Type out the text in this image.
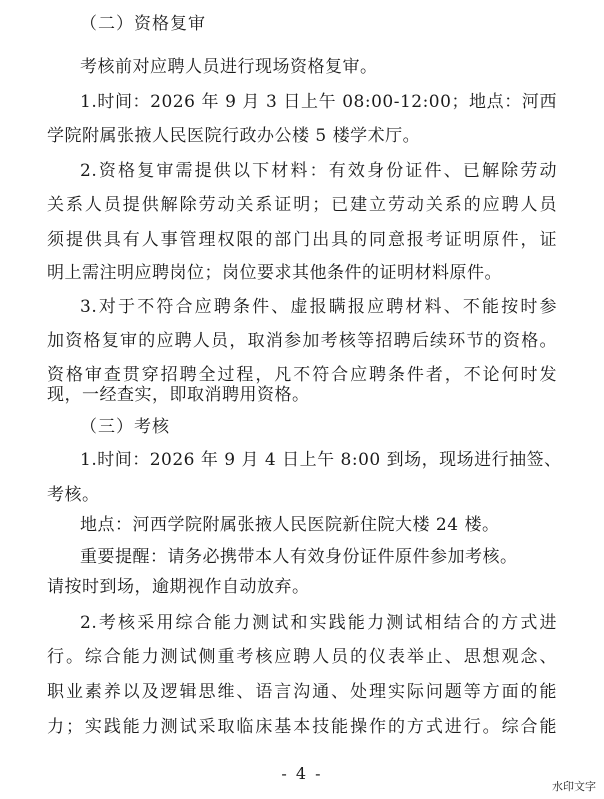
（二）资格复审
考核前对应聘人员进行现场资格复审。
1.时间：2026 年 9 月 3 日上午 08:00-12:00；地点：河西
学院附属张掖人民医院行政办公楼 5 楼学术厅。
2.资格复审需提供以下材料：有效身份证件、已解除劳动
关系人员提供解除劳动关系证明；已建立劳动关系的应聘人员
须提供具有人事管理权限的部门出具的同意报考证明原件，证
明上需注明应聘岗位；岗位要求其他条件的证明材料原件。
3.对于不符合应聘条件、虚报瞒报应聘材料、不能按时参
加资格复审的应聘人员，取消参加考核等招聘后续环节的资格。
资格审查贯穿招聘全过程，凡不符合应聘条件者，不论何时发
现，一经查实，即取消聘用资格。
（三）考核
1.时间：2026 年 9 月 4 日上午 8:00 到场，现场进行抽签、
考核。
地点：河西学院附属张掖人民医院新住院大楼 24 楼。
重要提醒：请务必携带本人有效身份证件原件参加考核。
请按时到场，逾期视作自动放弃。
2.考核采用综合能力测试和实践能力测试相结合的方式进
行。综合能力测试侧重考核应聘人员的仪表举止、思想观念、
职业素养以及逻辑思维、语言沟通、处理实际问题等方面的能
- 4 -
水印文字
力；实践能力测试采取临床基本技能操作的方式进行。综合能
